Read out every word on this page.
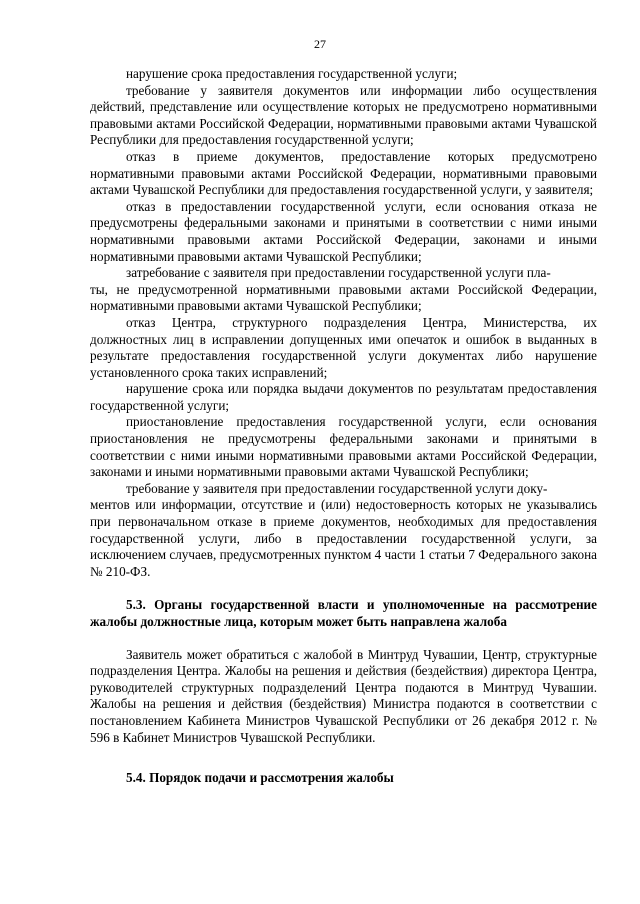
27

нарушение срока предоставления государственной услуги;

требование у заявителя документов или информации либо осуществления действий, представление или осуществление которых не предусмотрено нормативными правовыми актами Российской Федерации, нормативными правовыми актами Чувашской Республики для предоставления государственной услуги;

отказ в приеме документов, предоставление которых предусмотрено нормативными правовыми актами Российской Федерации, нормативными правовыми актами Чувашской Республики для предоставления государственной услуги, у заявителя;

отказ в предоставлении государственной услуги, если основания отказа не предусмотрены федеральными законами и принятыми в соответствии с ними иными нормативными правовыми актами Российской Федерации, законами и иными нормативными правовыми актами Чувашской Республики;

затребование с заявителя при предоставлении государственной услуги пла-
ты, не предусмотренной нормативными правовыми актами Российской Федерации, нормативными правовыми актами Чувашской Республики;

отказ Центра, структурного подразделения Центра, Министерства, их должностных лиц в исправлении допущенных ими опечаток и ошибок в выданных в результате предоставления государственной услуги документах либо нарушение установленного срока таких исправлений;

нарушение срока или порядка выдачи документов по результатам предоставления государственной услуги;

приостановление предоставления государственной услуги, если основания приостановления не предусмотрены федеральными законами и принятыми в соответствии с ними иными нормативными правовыми актами Российской Федерации, законами и иными нормативными правовыми актами Чувашской Республики;

требование у заявителя при предоставлении государственной услуги доку-
ментов или информации, отсутствие и (или) недостоверность которых не указывались при первоначальном отказе в приеме документов, необходимых для предоставления государственной услуги, либо в предоставлении государственной услуги, за исключением случаев, предусмотренных пунктом 4 части 1 статьи 7 Федерального закона № 210-ФЗ.

5.3. Органы государственной власти и уполномоченные на рассмотрение жалобы должностные лица, которым может быть направлена жалоба

Заявитель может обратиться с жалобой в Минтруд Чувашии, Центр, структурные подразделения Центра. Жалобы на решения и действия (бездействия) директора Центра, руководителей структурных подразделений Центра подаются в Минтруд Чувашии. Жалобы на решения и действия (бездействия) Министра подаются в соответствии с постановлением Кабинета Министров Чувашской Республики от 26 декабря 2012 г. № 596 в Кабинет Министров Чувашской Республики.

5.4. Порядок подачи и рассмотрения жалобы
